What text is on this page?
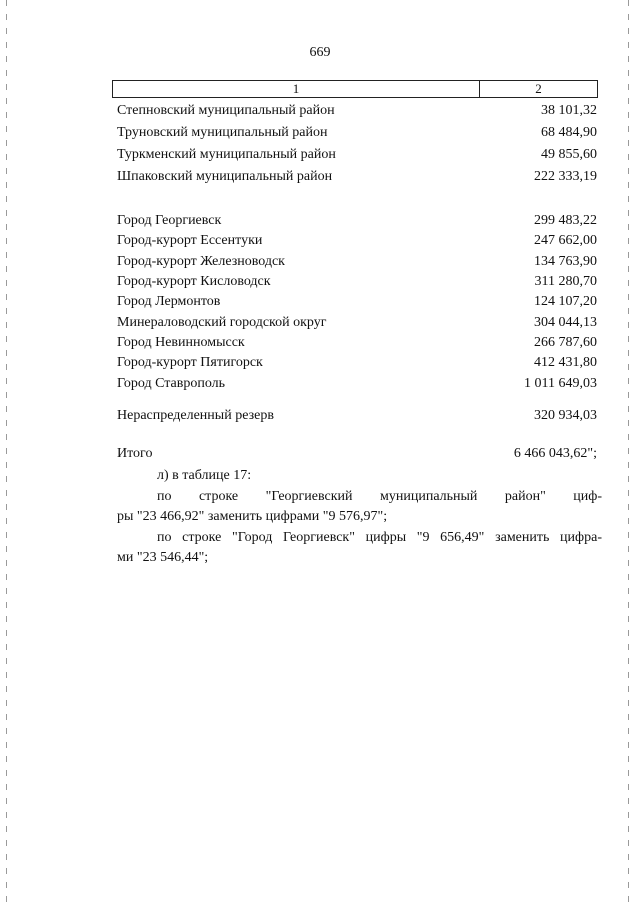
669
1	2
Степновский муниципальный район	38 101,32
Труновский муниципальный район	68 484,90
Туркменский муниципальный район	49 855,60
Шпаковский муниципальный район	222 333,19
Город Георгиевск	299 483,22
Город-курорт Ессентуки	247 662,00
Город-курорт Железноводск	134 763,90
Город-курорт Кисловодск	311 280,70
Город Лермонтов	124 107,20
Минераловодский городской округ	304 044,13
Город Невинномысск	266 787,60
Город-курорт Пятигорск	412 431,80
Город Ставрополь	1 011 649,03
Нераспределенный резерв	320 934,03
Итого	6 466 043,62";
л) в таблице 17:
по строке "Георгиевский муниципальный район" циф-
ры "23 466,92" заменить цифрами "9 576,97";
по строке "Город Георгиевск" цифры "9 656,49" заменить цифра-
ми "23 546,44";
